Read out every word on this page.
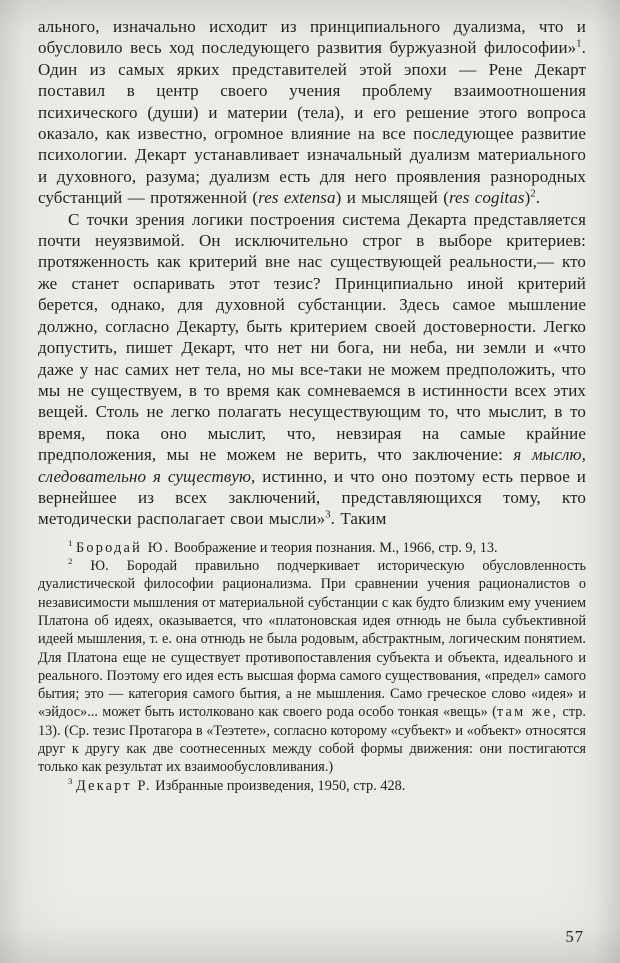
ального, изначально исходит из принципиального дуализма, что и обусловило весь ход последующего развития буржуазной философии»$^1$. Один из самых ярких представителей этой эпохи — Рене Декарт поставил в центр своего учения проблему взаимоотношения психического (души) и материи (тела), и его решение этого вопроса оказало, как известно, огромное влияние на все последующее развитие психологии. Декарт устанавливает изначальный дуализм материального и духовного, разума; дуализм есть для него проявления разнородных субстанций — протяженной (res extensa) и мыслящей (res cogitas)$^2$.

С точки зрения логики построения система Декарта представляется почти неуязвимой. Он исключительно строг в выборе критериев: протяженность как критерий вне нас существующей реальности,— кто же станет оспаривать этот тезис? Принципиально иной критерий берется, однако, для духовной субстанции. Здесь самое мышление должно, согласно Декарту, быть критерием своей достоверности. Легко допустить, пишет Декарт, что нет ни бога, ни неба, ни земли и «что даже у нас самих нет тела, но мы все-таки не можем предположить, что мы не существуем, в то время как сомневаемся в истинности всех этих вещей. Столь не легко полагать несуществующим то, что мыслит, в то время, пока оно мыслит, что, невзирая на самые крайние предположения, мы не можем не верить, что заключение: я мыслю, следовательно я существую, истинно, и что оно поэтому есть первое и вернейшее из всех заключений, представляющихся тому, кто методически располагает свои мысли»$^3$. Таким

$^1$ Бородай Ю. Воображение и теория познания. М., 1966, стр. 9, 13.

$^2$ Ю. Бородай правильно подчеркивает историческую обусловленность дуалистической философии рационализма. При сравнении учения рационалистов о независимости мышления от материальной субстанции с как будто близким ему учением Платона об идеях, оказывается, что «платоновская идея отнюдь не была субъективной идеей мышления, т. е. она отнюдь не была родовым, абстрактным, логическим понятием. Для Платона еще не существует противопоставления субъекта и объекта, идеального и реального. Поэтому его идея есть высшая форма самого существования, «предел» самого бытия; это — категория самого бытия, а не мышления. Само греческое слово «идея» и «эйдос»... может быть истолковано как своего рода особо тонкая «вещь» (там же, стр. 13). (Ср. тезис Протагора в «Теэтете», согласно которому «субъект» и «объект» относятся друг к другу как две соотнесенных между собой формы движения: они постигаются только как результат их взаимообусловливания.)

$^3$ Декарт Р. Избранные произведения, 1950, стр. 428.

57
